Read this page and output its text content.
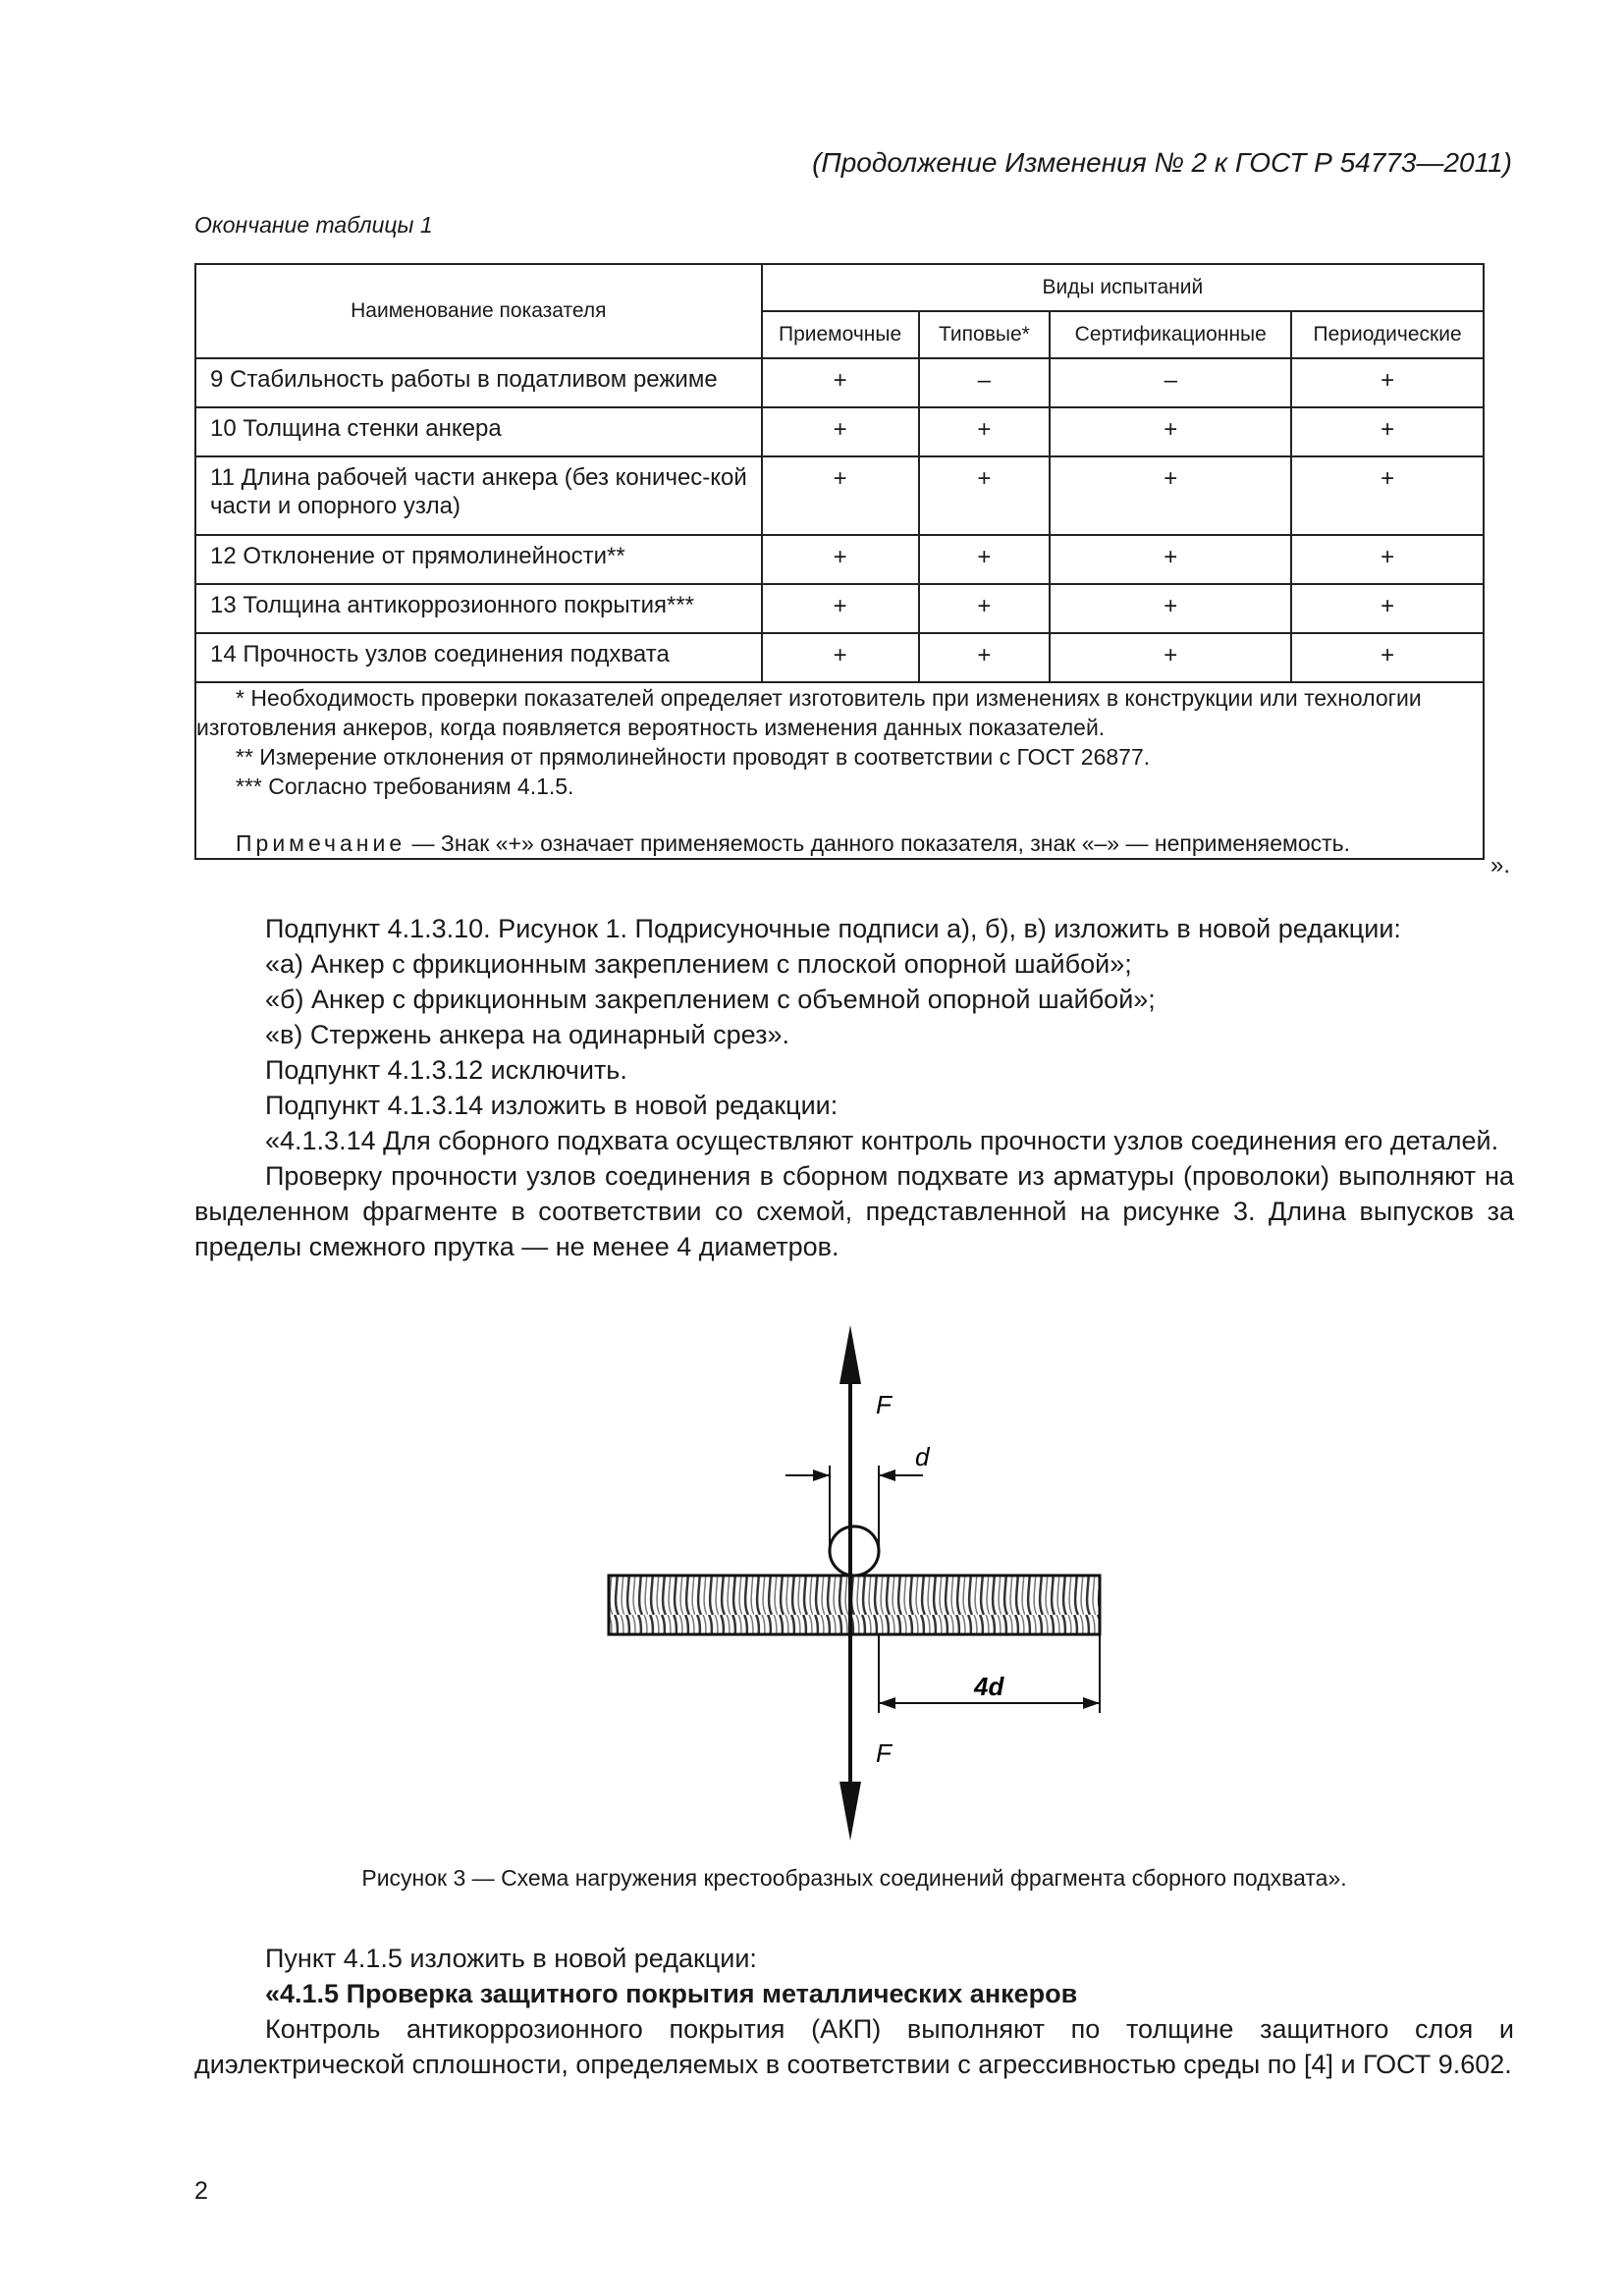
(Продолжение Изменения № 2 к ГОСТ Р 54773—2011)
Окончание таблицы 1
Наименование показателя	Виды испытаний			
	Приемочные	Типовые*	Сертификационные	Периодические
9 Стабильность работы в податливом режиме	+	–	–	+
10 Толщина стенки анкера	+	+	+	+
11 Длина рабочей части анкера (без коничес-кой части и опорного узла)	+	+	+	+
12 Отклонение от прямолинейности**	+	+	+	+
13 Толщина антикоррозионного покрытия***	+	+	+	+
14 Прочность узлов соединения подхвата	+	+	+	+

* Необходимость проверки показателей определяет изготовитель при изменениях в конструкции или технологии изготовления анкеров, когда появляется вероятность изменения данных показателей.

** Измерение отклонения от прямолинейности проводят в соответствии с ГОСТ 26877.

*** Согласно требованиям 4.1.5.

Примечание — Знак «+» означает применяемость данного показателя, знак «–» — неприменяемость.				

».

Подпункт 4.1.3.10. Рисунок 1. Подрисуночные подписи а), б), в) изложить в новой редакции:

«а) Анкер с фрикционным закреплением с плоской опорной шайбой»;

«б) Анкер с фрикционным закреплением с объемной опорной шайбой»;

«в) Стержень анкера на одинарный срез».

Подпункт 4.1.3.12 исключить.

Подпункт 4.1.3.14 изложить в новой редакции:

«4.1.3.14 Для сборного подхвата осуществляют контроль прочности узлов соединения его деталей.

Проверку прочности узлов соединения в сборном подхвате из арматуры (проволоки) выполняют на выделенном фрагменте в соответствии со схемой, представленной на рисунке 3. Длина выпусков за пределы смежного прутка — не менее 4 диаметров.

F
F
d
4d
Рисунок 3 — Схема нагружения крестообразных соединений фрагмента сборного подхвата».

Пункт 4.1.5 изложить в новой редакции:

«4.1.5 Проверка защитного покрытия металлических анкеров

Контроль антикоррозионного покрытия (АКП) выполняют по толщине защитного слоя и диэлектрической сплошности, определяемых в соответствии с агрессивностью среды по [4] и ГОСТ 9.602.

2
